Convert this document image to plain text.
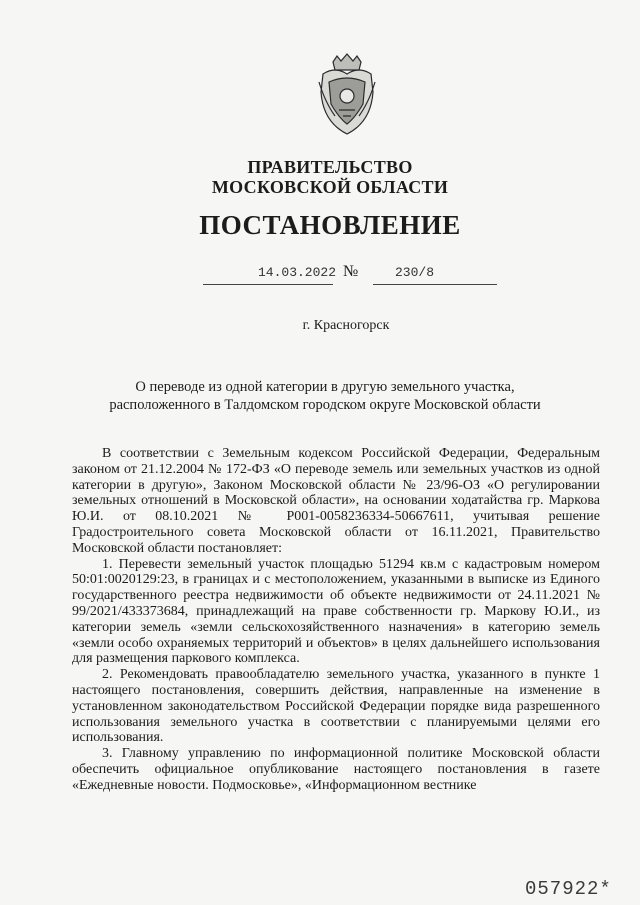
ПРАВИТЕЛЬСТВО
МОСКОВСКОЙ ОБЛАСТИ
ПОСТАНОВЛЕНИЕ
14.03.2022 №	230/8
г. Красногорск
О переводе из одной категории в другую земельного участка,
расположенного в Талдомском городском округе Московской области

В соответствии с Земельным кодексом Российской Федерации, Федеральным законом от 21.12.2004 № 172-ФЗ «О переводе земель или земельных участков из одной категории в другую», Законом Московской области № 23/96-ОЗ «О регулировании земельных отношений в Московской области», на основании ходатайства гр. Маркова Ю.И. от 08.10.2021 № Р001-0058236334-50667611, учитывая решение Градостроительного совета Московской области от 16.11.2021, Правительство Московской области постановляет:

1. Перевести земельный участок площадью 51294 кв.м с кадастровым номером 50:01:0020129:23, в границах и с местоположением, указанными в выписке из Единого государственного реестра недвижимости об объекте недвижимости от 24.11.2021 № 99/2021/433373684, принадлежащий на праве собственности гр. Маркову Ю.И., из категории земель «земли сельскохозяйственного назначения» в категорию земель «земли особо охраняемых территорий и объектов» в целях дальнейшего использования для размещения паркового комплекса.

2. Рекомендовать правообладателю земельного участка, указанного в пункте 1 настоящего постановления, совершить действия, направленные на изменение в установленном законодательством Российской Федерации порядке вида разрешенного использования земельного участка в соответствии с планируемыми целями его использования.

3. Главному управлению по информационной политике Московской области обеспечить официальное опубликование настоящего постановления в газете «Ежедневные новости. Подмосковье», «Информационном вестнике

057922*
